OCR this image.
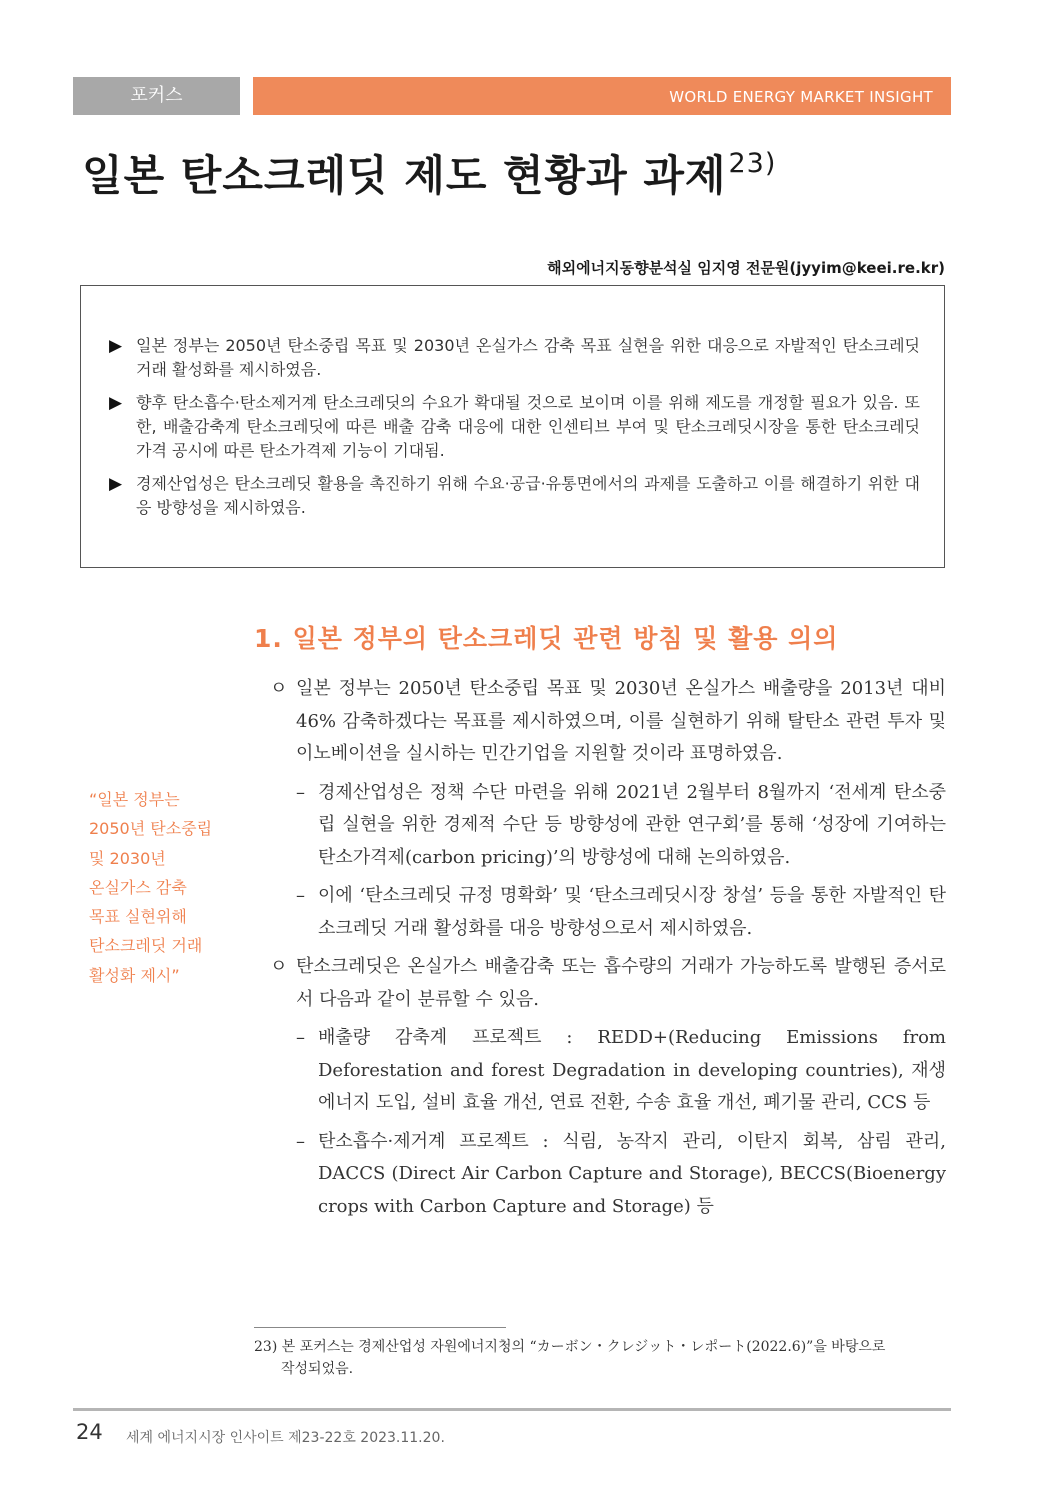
포커스	WORLD ENERGY MARKET INSIGHT
일본 탄소크레딧 제도 현황과 과제$^{23)}$
해외에너지동향분석실 임지영 전문원(jyyim@keei.re.kr)
▶ 일본 정부는 2050년 탄소중립 목표 및 2030년 온실가스 감축 목표 실현을 위한 대응으로 자발적인 탄소크레딧 거래 활성화를 제시하였음.
▶ 향후 탄소흡수·탄소제거계 탄소크레딧의 수요가 확대될 것으로 보이며 이를 위해 제도를 개정할 필요가 있음. 또한, 배출감축계 탄소크레딧에 따른 배출 감축 대응에 대한 인센티브 부여 및 탄소크레딧시장을 통한 탄소크레딧 가격 공시에 따른 탄소가격제 기능이 기대됨.
▶ 경제산업성은 탄소크레딧 활용을 촉진하기 위해 수요·공급·유통면에서의 과제를 도출하고 이를 해결하기 위한 대응 방향성을 제시하였음.
1. 일본 정부의 탄소크레딧 관련 방침 및 활용 의의
ㅇ 일본 정부는 2050년 탄소중립 목표 및 2030년 온실가스 배출량을 2013년 대비 46% 감축하겠다는 목표를 제시하였으며, 이를 실현하기 위해 탈탄소 관련 투자 및 이노베이션을 실시하는 민간기업을 지원할 것이라 표명하였음.
– 경제산업성은 정책 수단 마련을 위해 2021년 2월부터 8월까지 ‘전세계 탄소중립 실현을 위한 경제적 수단 등 방향성에 관한 연구회’를 통해 ‘성장에 기여하는 탄소가격제(carbon pricing)’의 방향성에 대해 논의하였음.
– 이에 ‘탄소크레딧 규정 명확화’ 및 ‘탄소크레딧시장 창설’ 등을 통한 자발적인 탄소크레딧 거래 활성화를 대응 방향성으로서 제시하였음.
ㅇ 탄소크레딧은 온실가스 배출감축 또는 흡수량의 거래가 가능하도록 발행된 증서로서 다음과 같이 분류할 수 있음.
– 배출량 감축계 프로젝트 : REDD+(Reducing Emissions from Deforestation and forest Degradation in developing countries), 재생에너지 도입, 설비 효율 개선, 연료 전환, 수송 효율 개선, 폐기물 관리, CCS 등
– 탄소흡수·제거계 프로젝트 : 식림, 농작지 관리, 이탄지 회복, 삼림 관리, DACCS (Direct Air Carbon Capture and Storage), BECCS(Bioenergy crops with Carbon Capture and Storage) 등
“일본 정부는
2050년 탄소중립
및 2030년
온실가스 감축
목표 실현위해
탄소크레딧 거래
활성화 제시”
23) 본 포커스는 경제산업성 자원에너지청의 “カーボン・クレジット・レポート(2022.6)”을 바탕으로
작성되었음.
24 세계 에너지시장 인사이트 제23-22호 2023.11.20.
